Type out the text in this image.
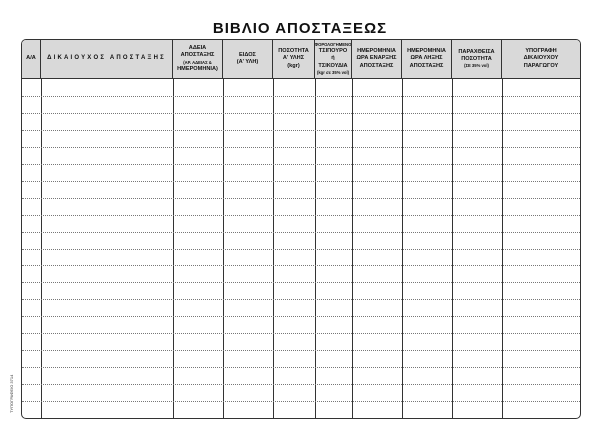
ΒΙΒΛΙΟ ΑΠΟΣΤΑΞΕΩΣ
Α/Α ΔΙΚΑΙΟΥΧΟΣ ΑΠΟΣΤΑΞΗΣ
ΑΔΕΙΑ
ΑΠΟΣΤΑΞΗΣ
(ΑΡ. ΑΔΕΙΑΣ &
ΗΜΕΡΟΜΗΝΙΑ)
ΕΙΔΟΣ
(Α' ΥΛΗ)
ΠΟΣΟΤΗΤΑ
Α' ΥΛΗΣ
(kgr)
ΦΟΡΟΛΟΓΗΜΕΝΟ
ΤΣΙΠΟΥΡΟ
ή
ΤΣΙΚΟΥΔΙΑ
(kgr σε 35% vol)
ΗΜΕΡΟΜΗΝΙΑ
ΩΡΑ ΕΝΑΡΞΗΣ
ΑΠΟΣΤΑΞΗΣ
ΗΜΕΡΟΜΗΝΙΑ
ΩΡΑ ΛΗΞΗΣ
ΑΠΟΣΤΑΞΗΣ
ΠΑΡΑΧΘΕΙΣΑ
ΠΟΣΟΤΗΤΑ
(ΣΕ 35% vol)
ΥΠΟΓΡΑΦΗ
ΔΙΚΑΙΟΥΧΟΥ
ΠΑΡΑΓΩΓΟΥ
ΤΥΠΟΓΡΑΦΕΙΟ 3714
